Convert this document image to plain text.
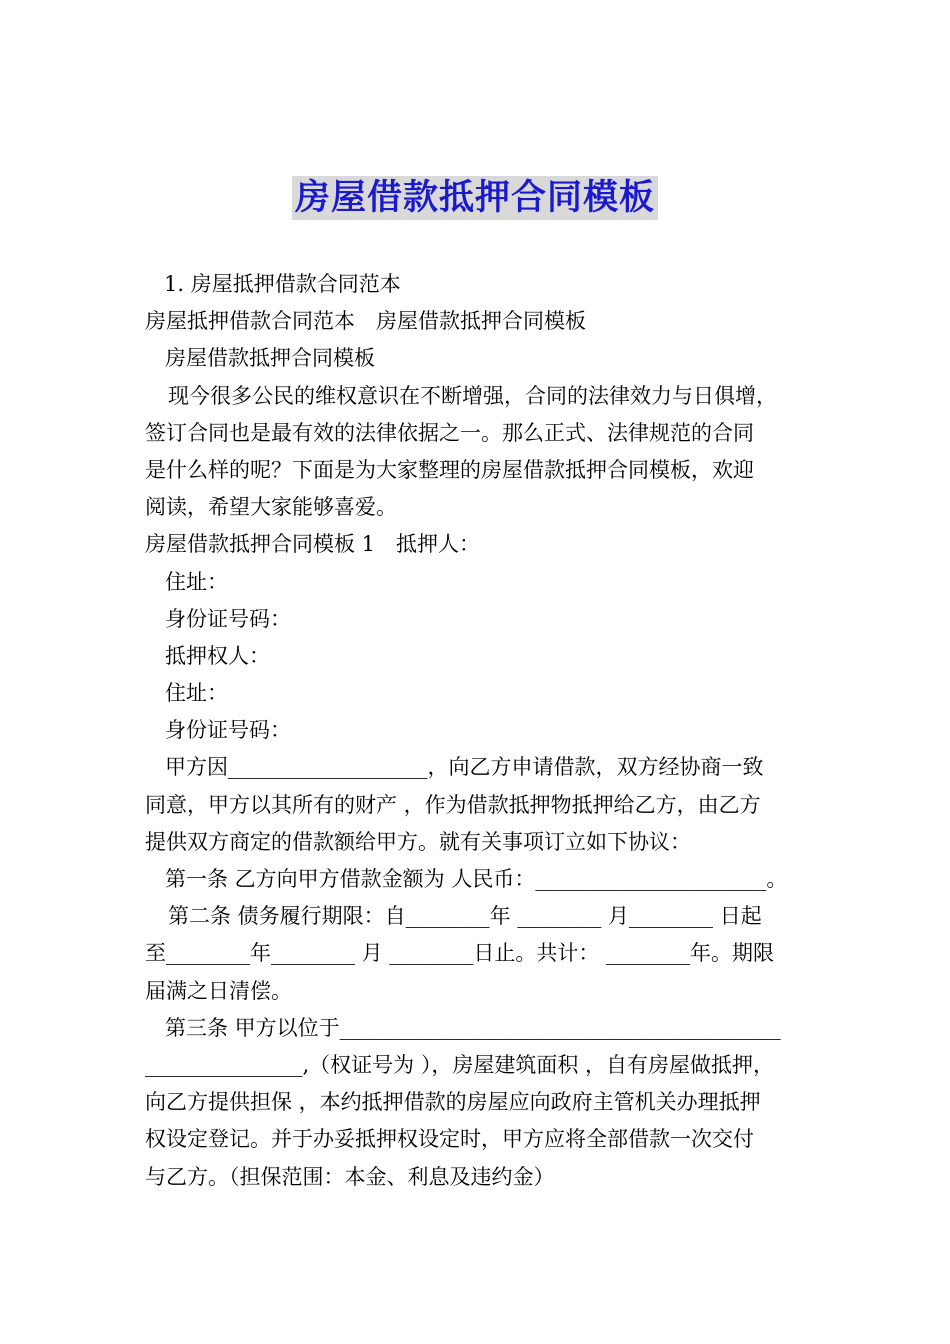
房屋借款抵押合同模板
1. 房屋抵押借款合同范本
房屋抵押借款合同范本　房屋借款抵押合同模板
房屋借款抵押合同模板
现今很多公民的维权意识在不断增强，合同的法律效力与日俱增，
签订合同也是最有效的法律依据之一。那么正式、法律规范的合同
是什么样的呢？下面是为大家整理的房屋借款抵押合同模板，欢迎
阅读，希望大家能够喜爱。
房屋借款抵押合同模板 1　抵押人：
住址：
身份证号码：
抵押权人：
住址：
身份证号码：
甲方因___________________，向乙方申请借款，双方经协商一致
同意，甲方以其所有的财产 ，作为借款抵押物抵押给乙方，由乙方
提供双方商定的借款额给甲方。就有关事项订立如下协议：
第一条 乙方向甲方借款金额为 人民币：______________________。
第二条 债务履行期限：自________年 ________ 月________ 日起
至________年________ 月 ________日止。共计： ________年。期限
届满之日清偿。
第三条 甲方以位于__________________________________________
_______________,（权证号为 ），房屋建筑面积 ，自有房屋做抵押，
向乙方提供担保 ，本约抵押借款的房屋应向政府主管机关办理抵押
权设定登记。并于办妥抵押权设定时，甲方应将全部借款一次交付
与乙方。（担保范围：本金、利息及违约金）
